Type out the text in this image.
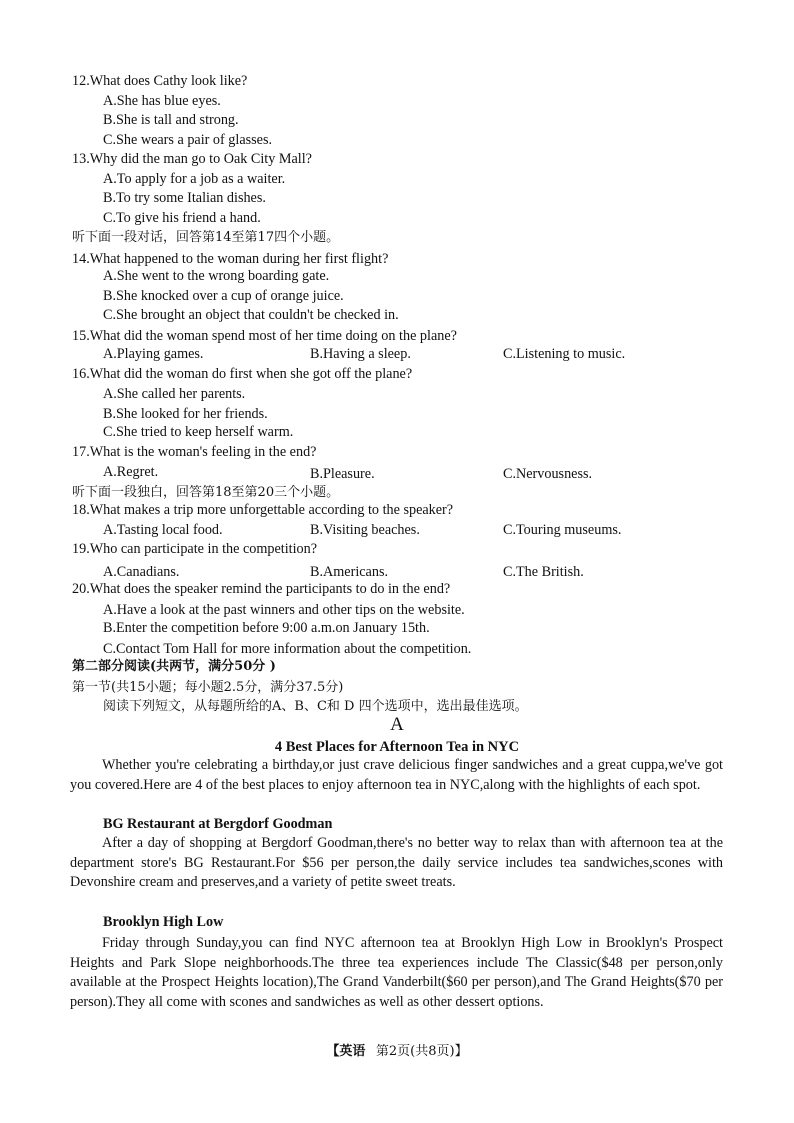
12.What does Cathy look like?
A.She has blue eyes.
B.She is tall and strong.
C.She wears a pair of glasses.
13.Why did the man go to Oak City Mall?
A.To apply for a job as a waiter.
B.To try some Italian dishes.
C.To give his friend a hand.
听下面一段对话，回答第14至第17四个小题。
14.What happened to the woman during her first flight?
A.She went to the wrong boarding gate.
B.She knocked over a cup of orange juice.
C.She brought an object that couldn't be checked in.
15.What did the woman spend most of her time doing on the plane?
A.Playing games.	B.Having a sleep.	C.Listening to music.
16.What did the woman do first when she got off the plane?
A.She called her parents.
B.She looked for her friends.
C.She tried to keep herself warm.
17.What is the woman's feeling in the end?
A.Regret.	B.Pleasure.	C.Nervousness.
听下面一段独白，回答第18至第20三个小题。
18.What makes a trip more unforgettable according to the speaker?
A.Tasting local food.	B.Visiting beaches.	C.Touring museums.
19.Who can participate in the competition?
A.Canadians.	B.Americans.	C.The British.
20.What does the speaker remind the participants to do in the end?
A.Have a look at the past winners and other tips on the website.
B.Enter the competition before 9:00 a.m.on January 15th.
C.Contact Tom Hall for more information about the competition.
第二部分阅读(共两节，满分50分 )
第一节(共15小题；每小题2.5分，满分37.5分)
阅读下列短文，从每题所给的A、B、C和 D 四个选项中，选出最佳选项。
A
4 Best Places for Afternoon Tea in NYC
Whether you're celebrating a birthday,or just crave delicious finger sandwiches and a great cuppa,we've got you covered.Here are 4 of the best places to enjoy afternoon tea in NYC,along with the highlights of each spot.
BG Restaurant at Bergdorf Goodman
After a day of shopping at Bergdorf Goodman,there's no better way to relax than with afternoon tea at the department store's BG Restaurant.For $56 per person,the daily service includes tea sandwiches,scones with Devonshire cream and preserves,and a variety of petite sweet treats.
Brooklyn High Low
Friday through Sunday,you can find NYC afternoon tea at Brooklyn High Low in Brooklyn's Prospect Heights and Park Slope neighborhoods.The three tea experiences include The Classic($48 per person,only available at the Prospect Heights location),The Grand Vanderbilt($60 per person),and The Grand Heights($70 per person).They all come with scones and sandwiches as well as other dessert options.
【英语 第2页(共8页)】
